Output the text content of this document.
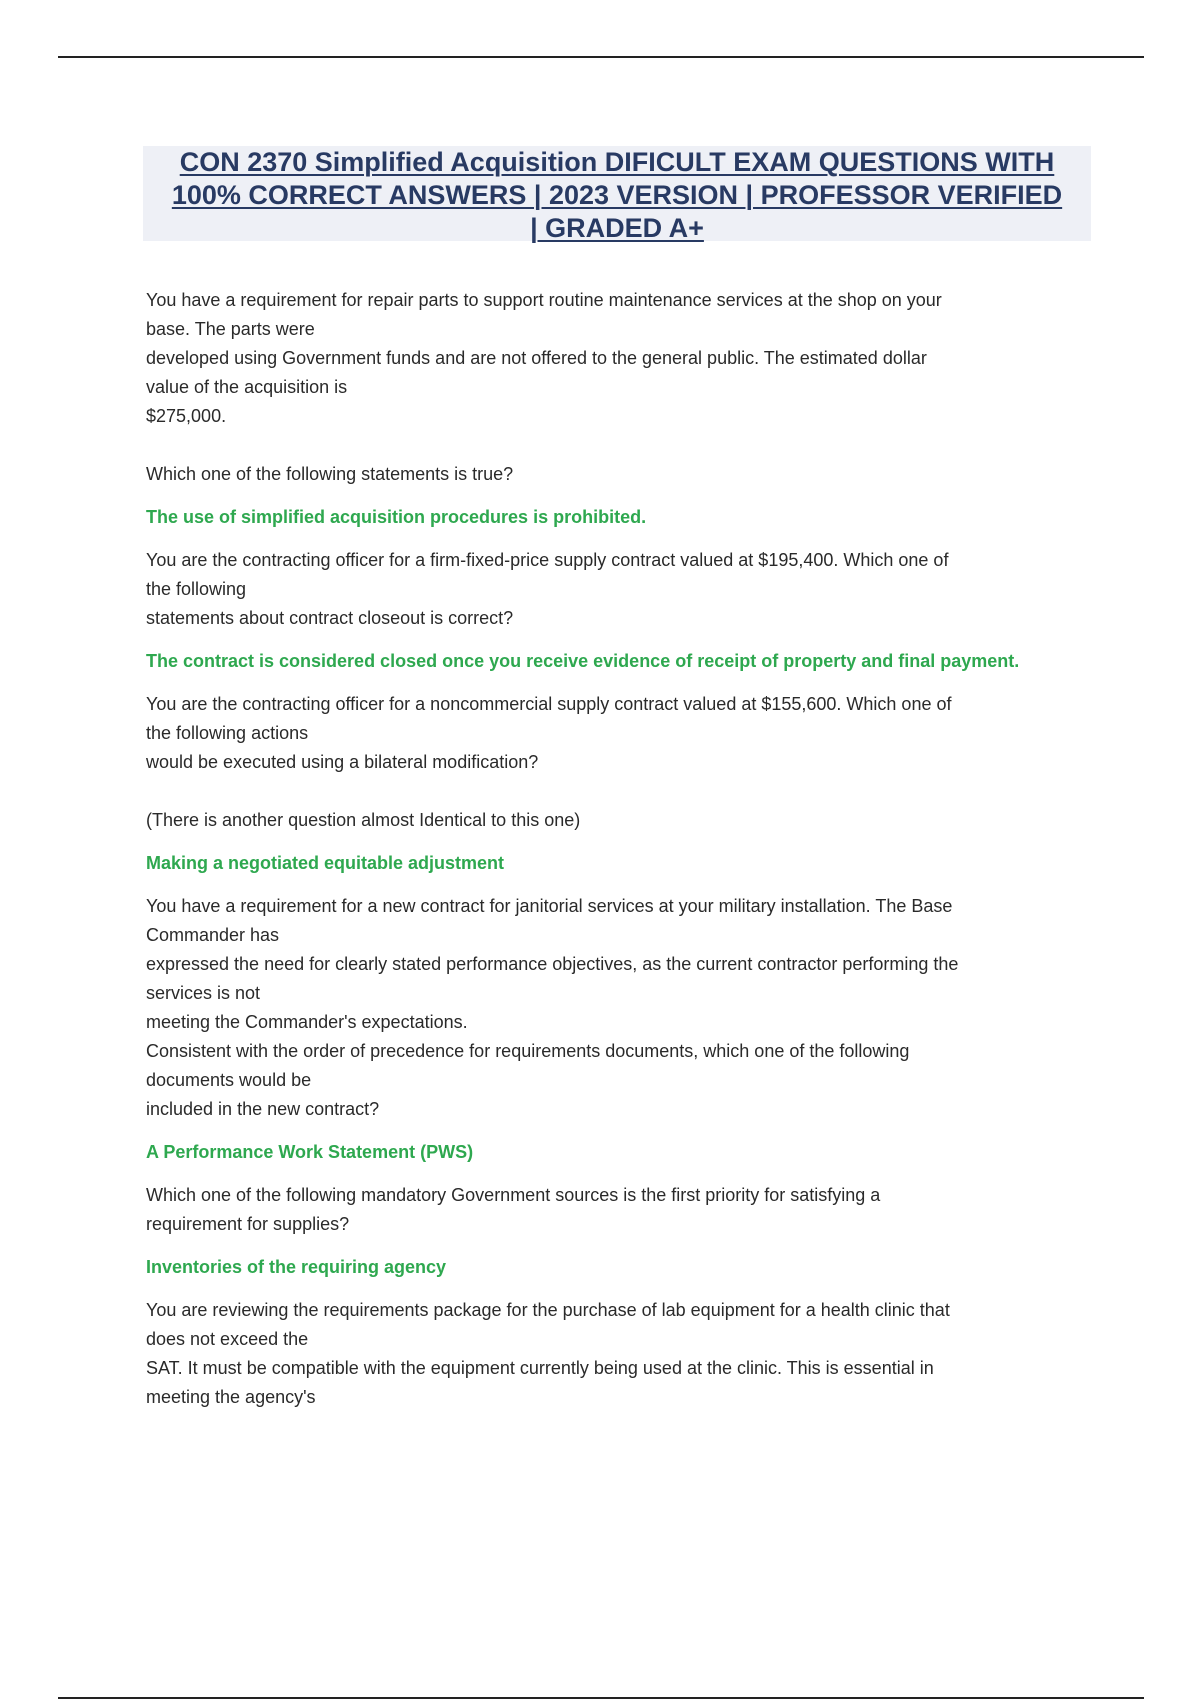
CON 2370 Simplified Acquisition DIFICULT EXAM QUESTIONS WITH
100% CORRECT ANSWERS | 2023 VERSION | PROFESSOR VERIFIED
| GRADED A+
You have a requirement for repair parts to support routine maintenance services at the shop on your
base. The parts were
developed using Government funds and are not offered to the general public. The estimated dollar
value of the acquisition is
$275,000.
Which one of the following statements is true?
The use of simplified acquisition procedures is prohibited.
You are the contracting officer for a firm-fixed-price supply contract valued at $195,400. Which one of
the following
statements about contract closeout is correct?
The contract is considered closed once you receive evidence of receipt of property and final payment.
You are the contracting officer for a noncommercial supply contract valued at $155,600. Which one of
the following actions
would be executed using a bilateral modification?
(There is another question almost Identical to this one)
Making a negotiated equitable adjustment
You have a requirement for a new contract for janitorial services at your military installation. The Base
Commander has
expressed the need for clearly stated performance objectives, as the current contractor performing the
services is not
meeting the Commander's expectations.
Consistent with the order of precedence for requirements documents, which one of the following
documents would be
included in the new contract?
A Performance Work Statement (PWS)
Which one of the following mandatory Government sources is the first priority for satisfying a
requirement for supplies?
Inventories of the requiring agency
You are reviewing the requirements package for the purchase of lab equipment for a health clinic that
does not exceed the
SAT. It must be compatible with the equipment currently being used at the clinic. This is essential in
meeting the agency's
